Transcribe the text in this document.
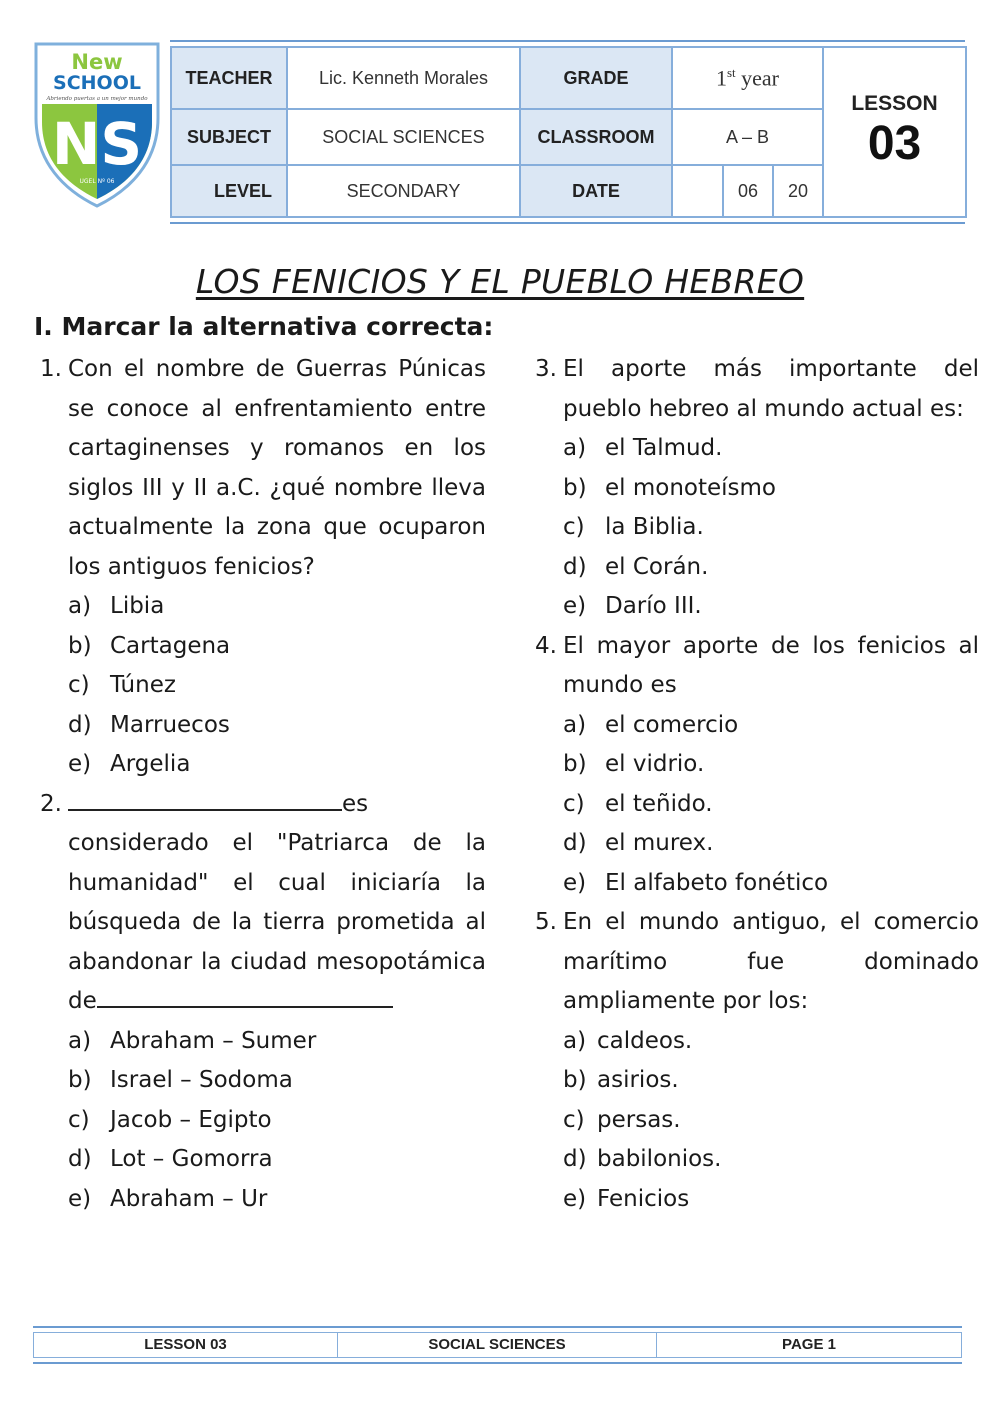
New
SCHOOL
Abriendo puertas a un mejor mundo
NS
UGEL Nº 06
TEACHER	Lic. Kenneth Morales	GRADE	1st year			LESSON
03

SUBJECT	SOCIAL SCIENCES	CLASSROOM	A – B			
LEVEL	SECONDARY	DATE		06	20	
LOS FENICIOS Y EL PUEBLO HEBREO
I. Marcar la alternativa correcta:
1. Con el nombre de Guerras Púnicas se conoce al enfrentamiento entre cartaginenses y romanos en los siglos III y II a.C. ¿qué nombre lleva actualmente la zona que ocuparon los antiguos fenicios?
a) Libia
b) Cartagena
c) Túnez
d) Marruecos
e) Argelia
2.	es considerado el "Patriarca de la humanidad" el cual iniciaría la búsqueda de la tierra prometida al abandonar la ciudad mesopotámica de
a) Abraham – Sumer
b) Israel – Sodoma
c) Jacob – Egipto
d) Lot – Gomorra
e) Abraham – Ur
3. El aporte más importante del pueblo hebreo al mundo actual es:
a) el Talmud.
b) el monoteísmo
c) la Biblia.
d) el Corán.
e) Darío III.
4. El mayor aporte de los fenicios al mundo es
a) el comercio
b) el vidrio.
c) el teñido.
d) el murex.
e) El alfabeto fonético
5. En el mundo antiguo, el comercio marítimo fue dominado ampliamente por los:
a) caldeos.
b) asirios.
c) persas.
d) babilonios.
e) Fenicios
LESSON 03	SOCIAL SCIENCES	PAGE 1
